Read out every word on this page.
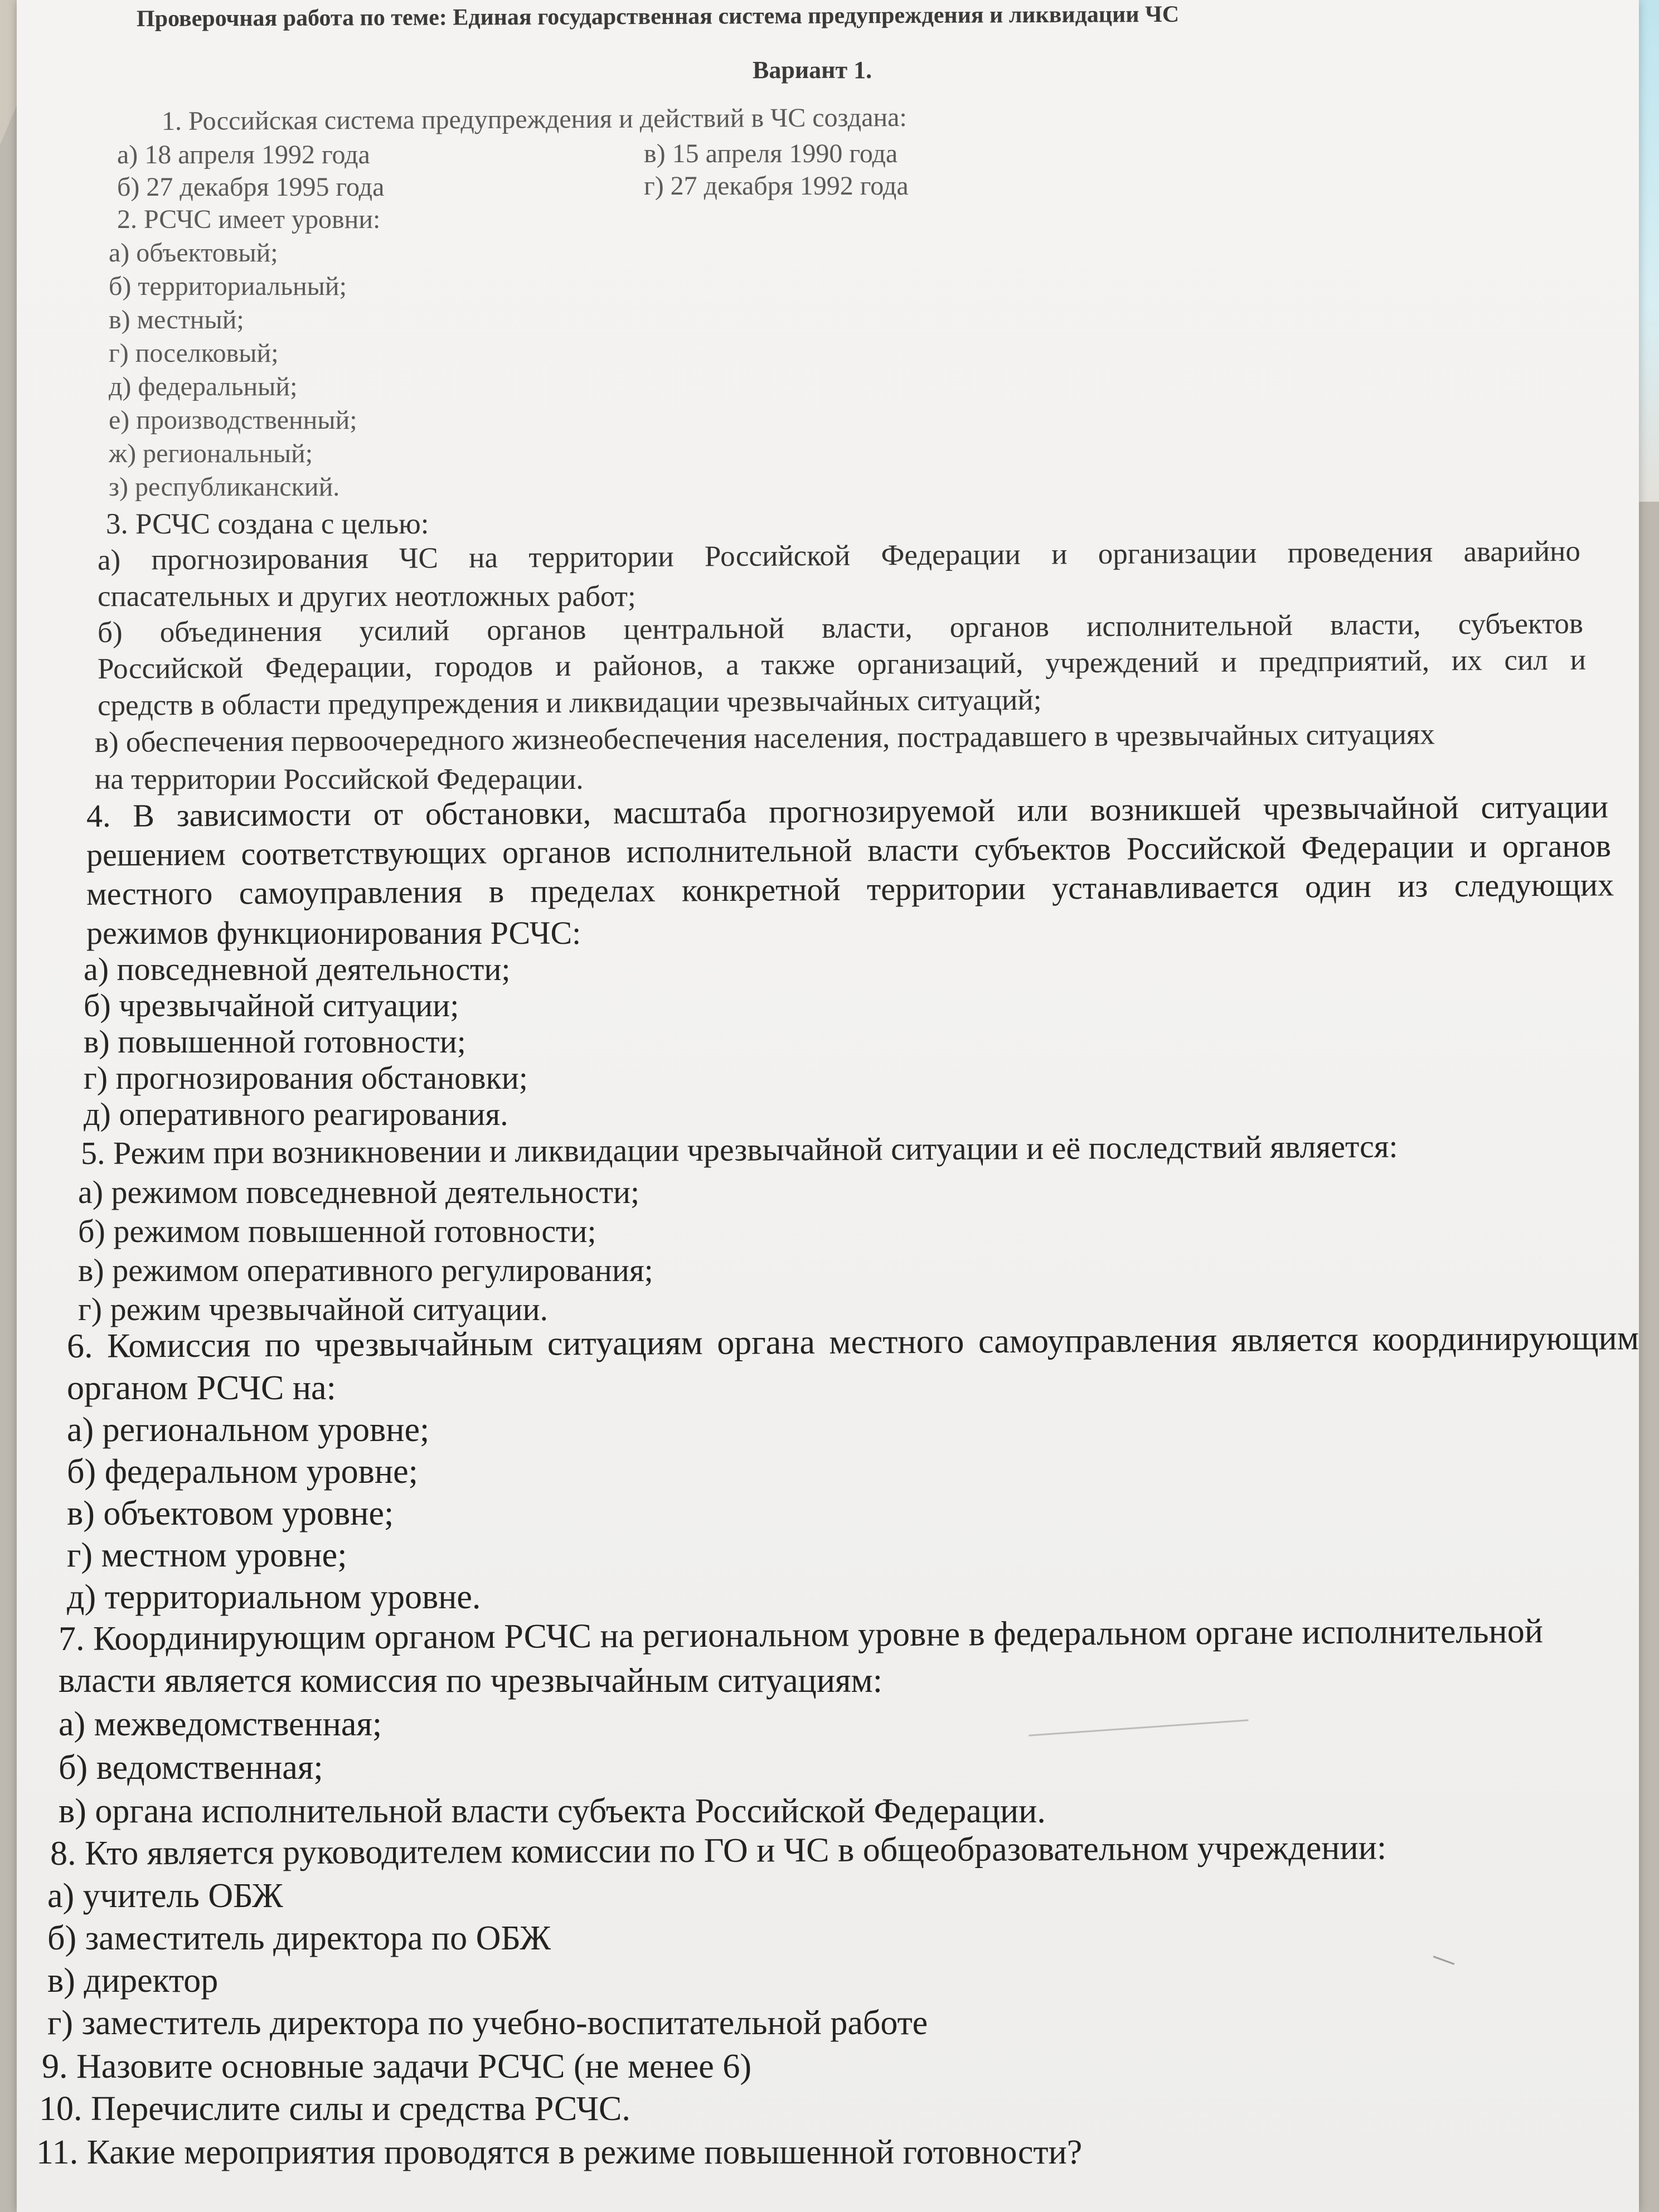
Проверочная работа по теме: Единая государственная система предупреждения и ликвидации ЧС

Вариант 1.

1. Российская система предупреждения и действий в ЧС создана:

а) 18 апреля 1992 года	в) 15 апреля 1990 года

б) 27 декабря 1995 года	г) 27 декабря 1992 года

2. РСЧС имеет уровни:

а) объектовый;

б) территориальный;

в) местный;

г) поселковый;

д) федеральный;

е) производственный;

ж) региональный;

з) республиканский.

3. РСЧС создана с целью:

а) прогнозирования ЧС на территории Российской Федерации и организации проведения аварийно

спасательных и других неотложных работ;

б) объединения усилий органов центральной власти, органов исполнительной власти, субъектов

Российской Федерации, городов и районов, а также организаций, учреждений и предприятий, их сил и

средств в области предупреждения и ликвидации чрезвычайных ситуаций;

в) обеспечения первоочередного жизнеобеспечения населения, пострадавшего в чрезвычайных ситуациях

на территории Российской Федерации.

4. В зависимости от обстановки, масштаба прогнозируемой или возникшей чрезвычайной ситуации

решением соответствующих органов исполнительной власти субъектов Российской Федерации и органов

местного самоуправления в пределах конкретной территории устанавливается один из следующих

режимов функционирования РСЧС:

а) повседневной деятельности;

б) чрезвычайной ситуации;

в) повышенной готовности;

г) прогнозирования обстановки;

д) оперативного реагирования.

5. Режим при возникновении и ликвидации чрезвычайной ситуации и её последствий является:

а) режимом повседневной деятельности;

б) режимом повышенной готовности;

в) режимом оперативного регулирования;

г) режим чрезвычайной ситуации.

6. Комиссия по чрезвычайным ситуациям органа местного самоуправления является координирующим

органом РСЧС на:

а) региональном уровне;

б) федеральном уровне;

в) объектовом уровне;

г) местном уровне;

д) территориальном уровне.

7. Координирующим органом РСЧС на региональном уровне в федеральном органе исполнительной

власти является комиссия по чрезвычайным ситуациям:

а) межведомственная;

б) ведомственная;

в) органа исполнительной власти субъекта Российской Федерации.

8. Кто является руководителем комиссии по ГО и ЧС в общеобразовательном учреждении:

а) учитель ОБЖ

б) заместитель директора по ОБЖ

в) директор

г) заместитель директора по учебно-воспитательной работе

9. Назовите основные задачи РСЧС (не менее 6)

10. Перечислите силы и средства РСЧС.

11. Какие мероприятия проводятся в режиме повышенной готовности?
